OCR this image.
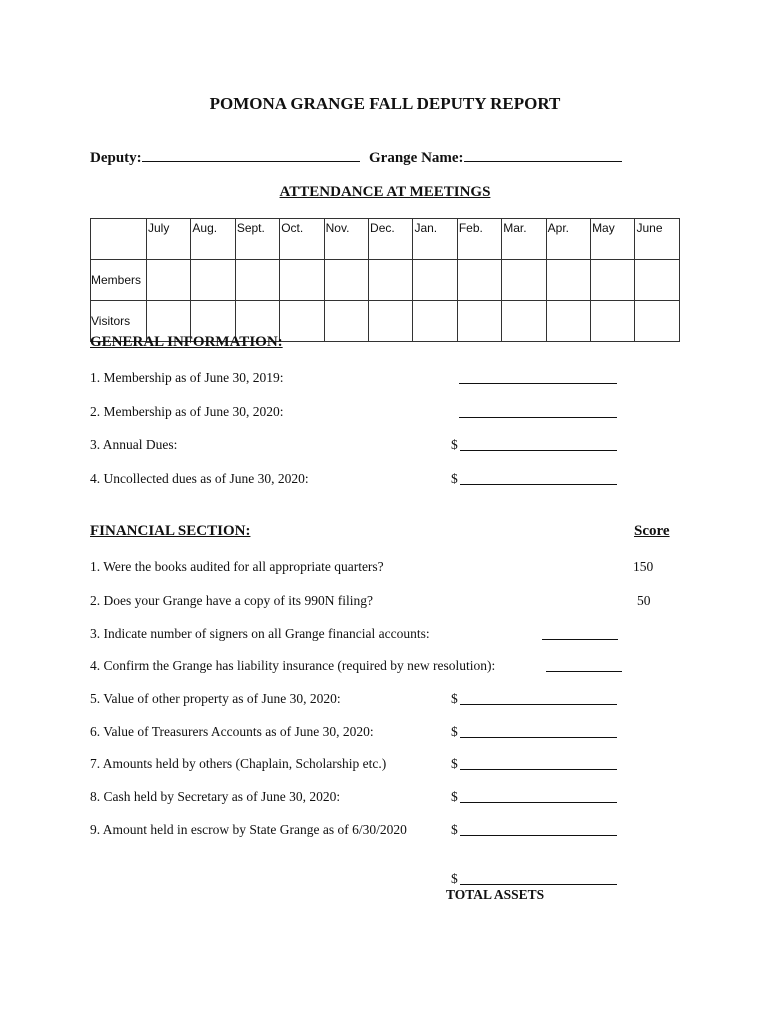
POMONA GRANGE FALL DEPUTY REPORT
Deputy:	Grange Name:
ATTENDANCE AT MEETINGS
	July	Aug.	Sept.	Oct.	Nov.	Dec.	Jan.	Feb.	Mar.	Apr.	May	June
Members												
Visitors												
GENERAL INFORMATION:
1. Membership as of June 30, 2019:
2. Membership as of June 30, 2020:
3. Annual Dues:	$
4. Uncollected dues as of June 30, 2020:	$
FINANCIAL SECTION:	Score
1. Were the books audited for all appropriate quarters?	150
2. Does your Grange have a copy of its 990N filing?	50
3. Indicate number of signers on all Grange financial accounts:
4. Confirm the Grange has liability insurance (required by new resolution):
5. Value of other property as of June 30, 2020:	$
6. Value of Treasurers Accounts as of June 30, 2020:	$
7. Amounts held by others (Chaplain, Scholarship etc.)	$
8. Cash held by Secretary as of June 30, 2020:	$
9. Amount held in escrow by State Grange as of 6/30/2020	$
$
TOTAL ASSETS
